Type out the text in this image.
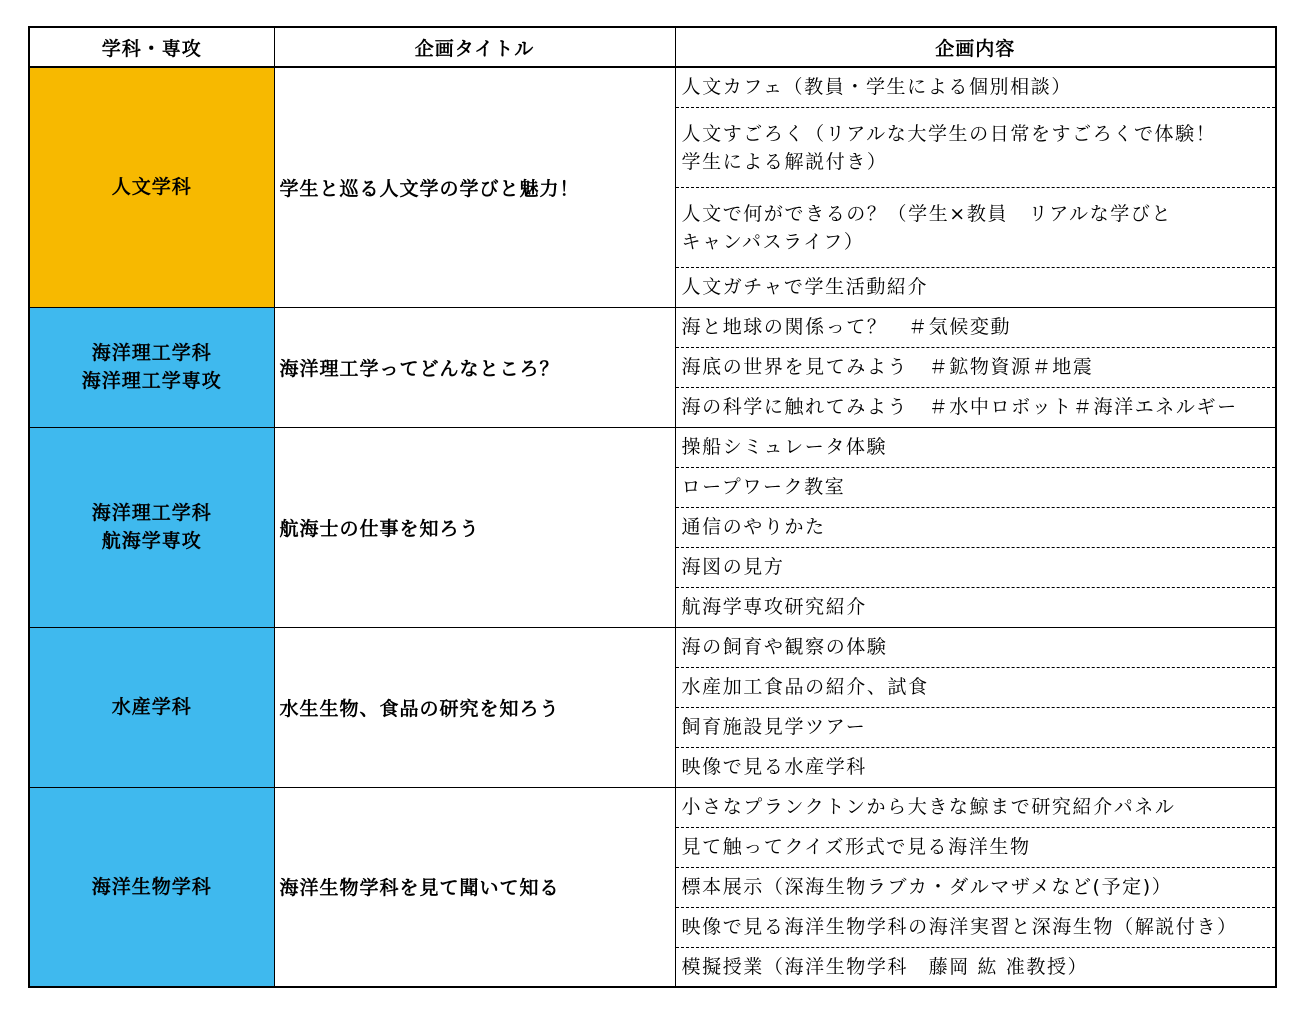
学科・専攻	企画タイトル	企画内容

人文学科	学生と巡る人文学の学びと魅力！	人文カフェ（教員・学生による個別相談）

		人文すごろく（リアルな大学生の日常をすごろくで体験！
学生による解説付き）

		人文で何ができるの？（学生×教員　リアルな学びと
キャンパスライフ）

		人文ガチャで学生活動紹介

海洋理工学科
海洋理工学専攻	海洋理工学ってどんなところ？	海と地球の関係って？　＃気候変動

		海底の世界を見てみよう　＃鉱物資源＃地震

		海の科学に触れてみよう　＃水中ロボット＃海洋エネルギー

海洋理工学科
航海学専攻	航海士の仕事を知ろう	操船シミュレータ体験

		ロープワーク教室

		通信のやりかた

		海図の見方

		航海学専攻研究紹介

水産学科	水生生物、食品の研究を知ろう	海の飼育や観察の体験

		水産加工食品の紹介、試食

		飼育施設見学ツアー

		映像で見る水産学科

海洋生物学科	海洋生物学科を見て聞いて知る	小さなプランクトンから大きな鯨まで研究紹介パネル

		見て触ってクイズ形式で見る海洋生物

		標本展示（深海生物ラブカ・ダルマザメなど(予定)）

		映像で見る海洋生物学科の海洋実習と深海生物（解説付き）

		模擬授業（海洋生物学科　藤岡 紘 准教授）
